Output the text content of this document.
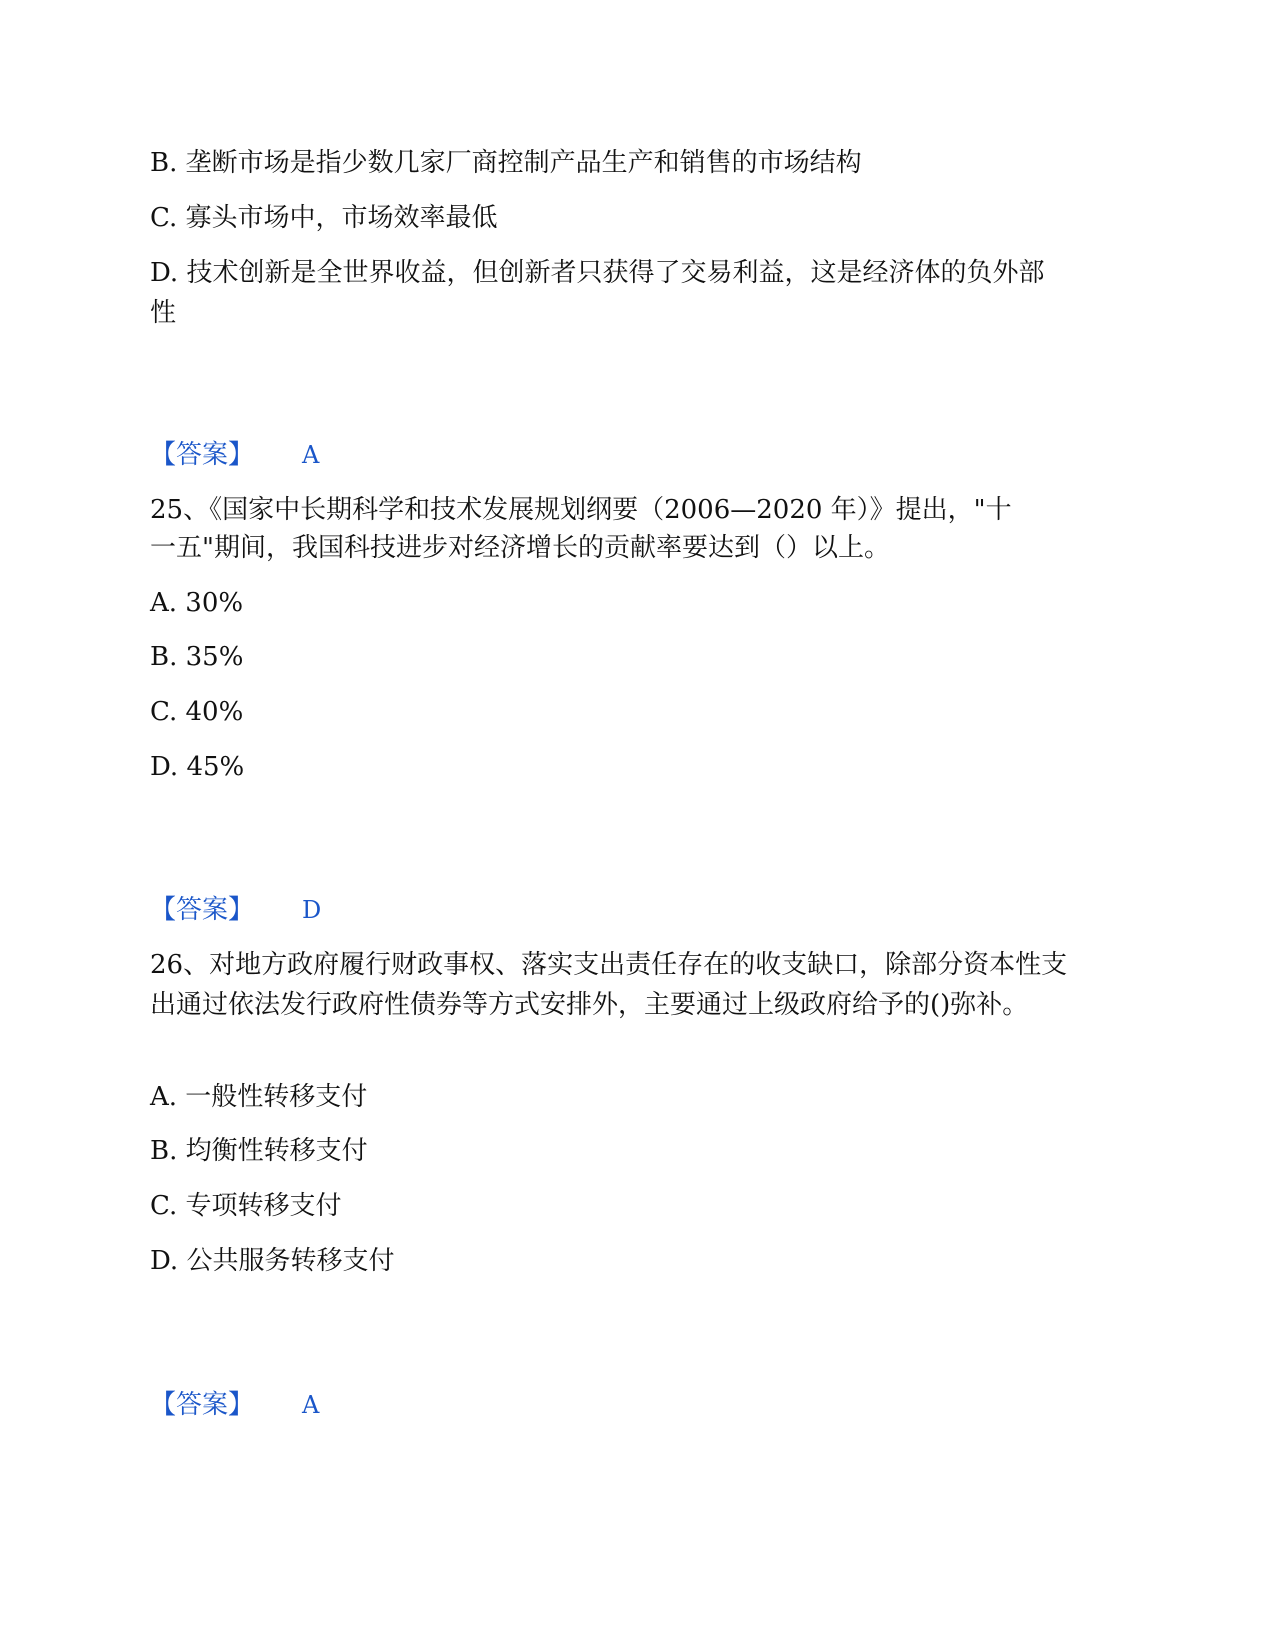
B. 垄断市场是指少数几家厂商控制产品生产和销售的市场结构
C. 寡头市场中，市场效率最低
D. 技术创新是全世界收益，但创新者只获得了交易利益，这是经济体的负外部性
【答案】 A
25、《国家中长期科学和技术发展规划纲要（2006—2020 年）》提出，"十
一五"期间，我国科技进步对经济增长的贡献率要达到（）以上。
A. 30%
B. 35%
C. 40%
D. 45%
【答案】 D
26、对地方政府履行财政事权、落实支出责任存在的收支缺口，除部分资本性支出通过依法发行政府性债券等方式安排外，主要通过上级政府给予的()弥补。
A. 一般性转移支付
B. 均衡性转移支付
C. 专项转移支付
D. 公共服务转移支付
【答案】 A
